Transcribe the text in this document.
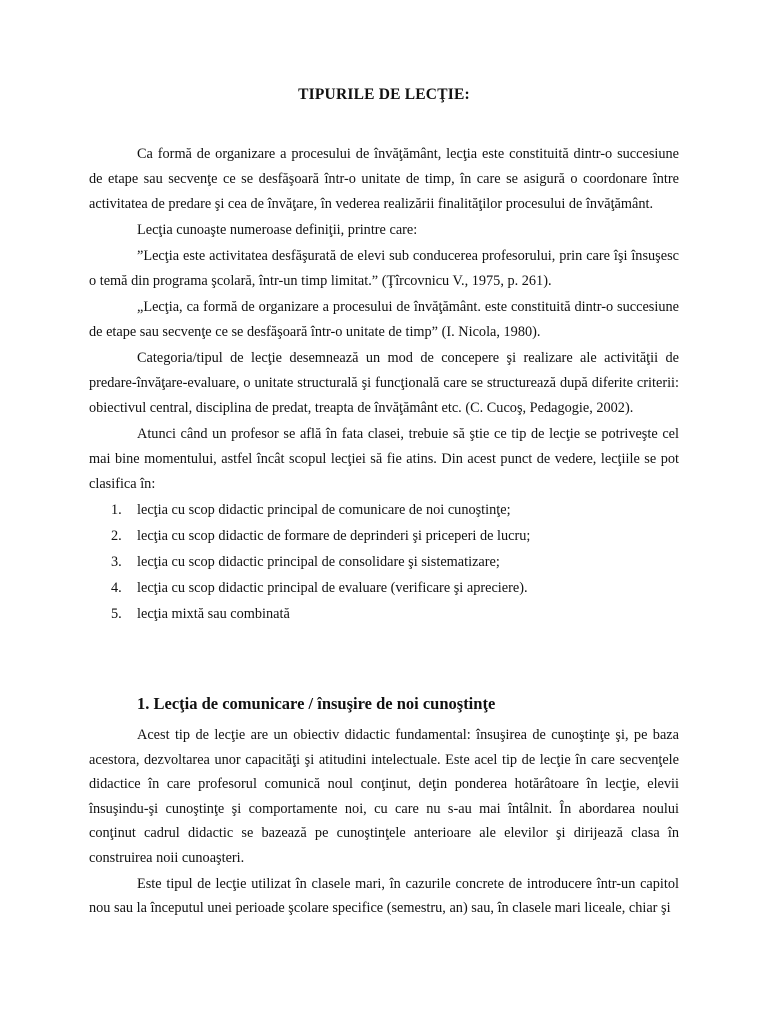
TIPURILE DE LECŢIE:

Ca formă de organizare a procesului de învăţământ, lecţia este constituită dintr-o succesiune de etape sau secvenţe ce se desfăşoară într-o unitate de timp, în care se asigură o coordonare între activitatea de predare şi cea de învăţare, în vederea realizării finalităţilor procesului de învăţământ.

Lecţia cunoaşte numeroase definiţii, printre care:

”Lecţia este activitatea desfăşurată de elevi sub conducerea profesorului, prin care îşi însuşesc o temă din programa şcolară, într-un timp limitat.” (Ţîrcovnicu V., 1975, p. 261).

„Lecţia, ca formă de organizare a procesului de învăţământ. este constituită dintr-o succesiune de etape sau secvenţe ce se desfăşoară într-o unitate de timp” (I. Nicola, 1980).

Categoria/tipul de lecţie desemnează un mod de concepere şi realizare ale activităţii de predare-învăţare-evaluare, o unitate structurală şi funcţională care se structurează după diferite criterii: obiectivul central, disciplina de predat, treapta de învăţământ etc. (C. Cucoş, Pedagogie, 2002).

Atunci când un profesor se află în fata clasei, trebuie să ştie ce tip de lecţie se potriveşte cel mai bine momentului, astfel încât scopul lecţiei să fie atins. Din acest punct de vedere, lecţiile se pot clasifica în:

1. lecţia cu scop didactic principal de comunicare de noi cunoştinţe;
2. lecţia cu scop didactic de formare de deprinderi şi priceperi de lucru;
3. lecţia cu scop didactic principal de consolidare şi sistematizare;
4. lecţia cu scop didactic principal de evaluare (verificare şi apreciere).
5. lecţia mixtă sau combinată
1. Lecţia de comunicare / însuşire de noi cunoştinţe

Acest tip de lecţie are un obiectiv didactic fundamental: însuşirea de cunoştinţe şi, pe baza acestora, dezvoltarea unor capacităţi şi atitudini intelectuale. Este acel tip de lecţie în care secvenţele didactice în care profesorul comunică noul conţinut, deţin ponderea hotărâtoare în lecţie, elevii însuşindu-şi cunoştinţe şi comportamente noi, cu care nu s-au mai întâlnit. În abordarea noului conţinut cadrul didactic se bazează pe cunoştinţele anterioare ale elevilor şi dirijează clasa în construirea noii cunoaşteri.

Este tipul de lecţie utilizat în clasele mari, în cazurile concrete de introducere într-un capitol nou sau la începutul unei perioade şcolare specifice (semestru, an) sau, în clasele mari liceale, chiar şi
